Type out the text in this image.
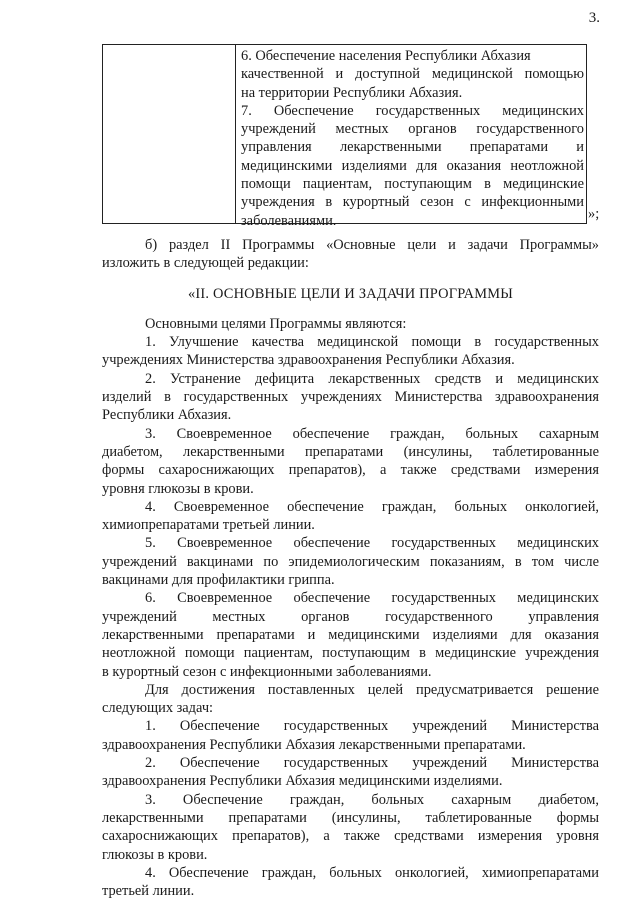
3.
6. Обеспечение населения Республики Абхазия
качественной и доступной медицинской помощью
на территории Республики Абхазия.
7. Обеспечение государственных медицинских
учреждений местных органов государственного
управления лекарственными препаратами и
медицинскими изделиями для оказания неотложной
помощи пациентам, поступающим в медицинские
учреждения в курортный сезон с инфекционными
заболеваниями.	»;
б) раздел II Программы «Основные цели и задачи Программы»
изложить в следующей редакции:
«II. ОСНОВНЫЕ ЦЕЛИ И ЗАДАЧИ ПРОГРАММЫ
Основными целями Программы являются:
1. Улучшение качества медицинской помощи в государственных
учреждениях Министерства здравоохранения Республики Абхазия.
2. Устранение дефицита лекарственных средств и медицинских
изделий в государственных учреждениях Министерства здравоохранения
Республики Абхазия.
3. Своевременное обеспечение граждан, больных сахарным
диабетом, лекарственными препаратами (инсулины, таблетированные
формы сахароснижающих препаратов), а также средствами измерения
уровня глюкозы в крови.
4. Своевременное обеспечение граждан, больных онкологией,
химиопрепаратами третьей линии.
5. Своевременное обеспечение государственных медицинских
учреждений вакцинами по эпидемиологическим показаниям, в том числе
вакцинами для профилактики гриппа.
6. Своевременное обеспечение государственных медицинских
учреждений местных органов государственного управления
лекарственными препаратами и медицинскими изделиями для оказания
неотложной помощи пациентам, поступающим в медицинские учреждения
в курортный сезон с инфекционными заболеваниями.
Для достижения поставленных целей предусматривается решение
следующих задач:
1. Обеспечение государственных учреждений Министерства
здравоохранения Республики Абхазия лекарственными препаратами.
2. Обеспечение государственных учреждений Министерства
здравоохранения Республики Абхазия медицинскими изделиями.
3. Обеспечение граждан, больных сахарным диабетом,
лекарственными препаратами (инсулины, таблетированные формы
сахароснижающих препаратов), а также средствами измерения уровня
глюкозы в крови.
4. Обеспечение граждан, больных онкологией, химиопрепаратами
третьей линии.
